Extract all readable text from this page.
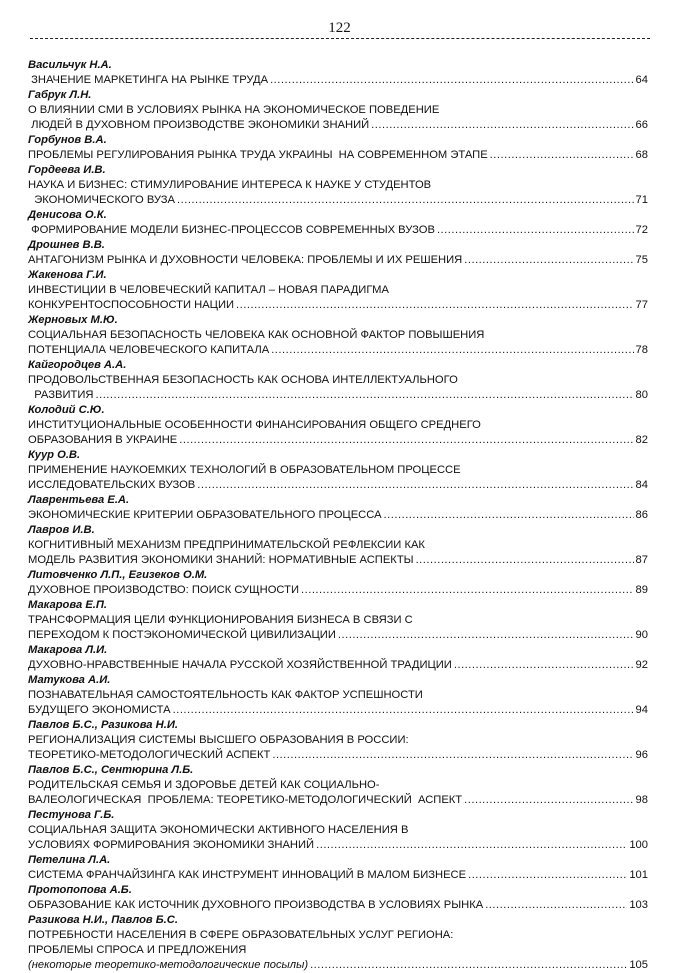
122
Васильчук Н.А.
ЗНАЧЕНИЕ МАРКЕТИНГА НА РЫНКЕ ТРУДА .....	64
Габрук Л.Н.
О ВЛИЯНИИ СМИ В УСЛОВИЯХ РЫНКА НА ЭКОНОМИЧЕСКОЕ ПОВЕДЕНИЕ
ЛЮДЕЙ В ДУХОВНОМ ПРОИЗВОДСТВЕ ЭКОНОМИКИ ЗНАНИЙ .....	66
Горбунов В.А.
ПРОБЛЕМЫ РЕГУЛИРОВАНИЯ РЫНКА ТРУДА УКРАИНЫ  НА СОВРЕМЕННОМ ЭТАПЕ .....	68
Гордеева И.В.
НАУКА И БИЗНЕС: СТИМУЛИРОВАНИЕ ИНТЕРЕСА К НАУКЕ У СТУДЕНТОВ
ЭКОНОМИЧЕСКОГО ВУЗА .....	71
Денисова О.К.
ФОРМИРОВАНИЕ МОДЕЛИ БИЗНЕС-ПРОЦЕССОВ СОВРЕМЕННЫХ ВУЗОВ .....	72
Дрошнев В.В.
АНТАГОНИЗМ РЫНКА И ДУХОВНОСТИ ЧЕЛОВЕКА: ПРОБЛЕМЫ И ИХ РЕШЕНИЯ .....	75
Жакенова Г.И.
ИНВЕСТИЦИИ В ЧЕЛОВЕЧЕСКИЙ КАПИТАЛ – НОВАЯ ПАРАДИГМА
КОНКУРЕНТОСПОСОБНОСТИ НАЦИИ .....	77
Жерновых М.Ю.
СОЦИАЛЬНАЯ БЕЗОПАСНОСТЬ ЧЕЛОВЕКА КАК ОСНОВНОЙ ФАКТОР ПОВЫШЕНИЯ
ПОТЕНЦИАЛА ЧЕЛОВЕЧЕСКОГО КАПИТАЛА .....	78
Кайгородцев А.А.
ПРОДОВОЛЬСТВЕННАЯ БЕЗОПАСНОСТЬ КАК ОСНОВА ИНТЕЛЛЕКТУАЛЬНОГО
РАЗВИТИЯ .....	80
Колодий С.Ю.
ИНСТИТУЦИОНАЛЬНЫЕ ОСОБЕННОСТИ ФИНАНСИРОВАНИЯ ОБЩЕГО СРЕДНЕГО
ОБРАЗОВАНИЯ В УКРАИНЕ .....	82
Куур О.В.
ПРИМЕНЕНИЕ НАУКОЕМКИХ ТЕХНОЛОГИЙ В ОБРАЗОВАТЕЛЬНОМ ПРОЦЕССЕ
ИССЛЕДОВАТЕЛЬСКИХ ВУЗОВ .....	84
Лаврентьева Е.А.
ЭКОНОМИЧЕСКИЕ КРИТЕРИИ ОБРАЗОВАТЕЛЬНОГО ПРОЦЕССА .....	86
Лавров И.В.
КОГНИТИВНЫЙ МЕХАНИЗМ ПРЕДПРИНИМАТЕЛЬСКОЙ РЕФЛЕКСИИ КАК
МОДЕЛЬ РАЗВИТИЯ ЭКОНОМИКИ ЗНАНИЙ: НОРМАТИВНЫЕ АСПЕКТЫ .....	87
Литовченко Л.П., Егизеков О.М.
ДУХОВНОЕ ПРОИЗВОДСТВО: ПОИСК СУЩНОСТИ .....	89
Макарова Е.П.
ТРАНСФОРМАЦИЯ ЦЕЛИ ФУНКЦИОНИРОВАНИЯ БИЗНЕСА В СВЯЗИ С
ПЕРЕХОДОМ К ПОСТЭКОНОМИЧЕСКОЙ ЦИВИЛИЗАЦИИ .....	90
Макарова Л.И.
ДУХОВНО-НРАВСТВЕННЫЕ НАЧАЛА РУССКОЙ ХОЗЯЙСТВЕННОЙ ТРАДИЦИИ .....	92
Матукова А.И.
ПОЗНАВАТЕЛЬНАЯ САМОСТОЯТЕЛЬНОСТЬ КАК ФАКТОР УСПЕШНОСТИ
БУДУЩЕГО ЭКОНОМИСТА .....	94
Павлов Б.С., Разикова Н.И.
РЕГИОНАЛИЗАЦИЯ СИСТЕМЫ ВЫСШЕГО ОБРАЗОВАНИЯ В РОССИИ:
ТЕОРЕТИКО-МЕТОДОЛОГИЧЕСКИЙ АСПЕКТ .....	96
Павлов Б.С., Сентюрина Л.Б.
РОДИТЕЛЬСКАЯ СЕМЬЯ И ЗДОРОВЬЕ ДЕТЕЙ КАК СОЦИАЛЬНО-
ВАЛЕОЛОГИЧЕСКАЯ  ПРОБЛЕМА: ТЕОРЕТИКО-МЕТОДОЛОГИЧЕСКИЙ  АСПЕКТ .....	98
Пестунова Г.Б.
СОЦИАЛЬНАЯ ЗАЩИТА ЭКОНОМИЧЕСКИ АКТИВНОГО НАСЕЛЕНИЯ В
УСЛОВИЯХ ФОРМИРОВАНИЯ ЭКОНОМИКИ ЗНАНИЙ .....	100
Петелина Л.А.
СИСТЕМА ФРАНЧАЙЗИНГА КАК ИНСТРУМЕНТ ИННОВАЦИЙ В МАЛОМ БИЗНЕСЕ .....	101
Протопопова А.Б.
ОБРАЗОВАНИЕ КАК ИСТОЧНИК ДУХОВНОГО ПРОИЗВОДСТВА В УСЛОВИЯХ РЫНКА .....	103
Разикова Н.И., Павлов Б.С.
ПОТРЕБНОСТИ НАСЕЛЕНИЯ В СФЕРЕ ОБРАЗОВАТЕЛЬНЫХ УСЛУГ РЕГИОНА:
ПРОБЛЕМЫ СПРОСА И ПРЕДЛОЖЕНИЯ
(некоторые теоретико-методологические посылы) .....	105
